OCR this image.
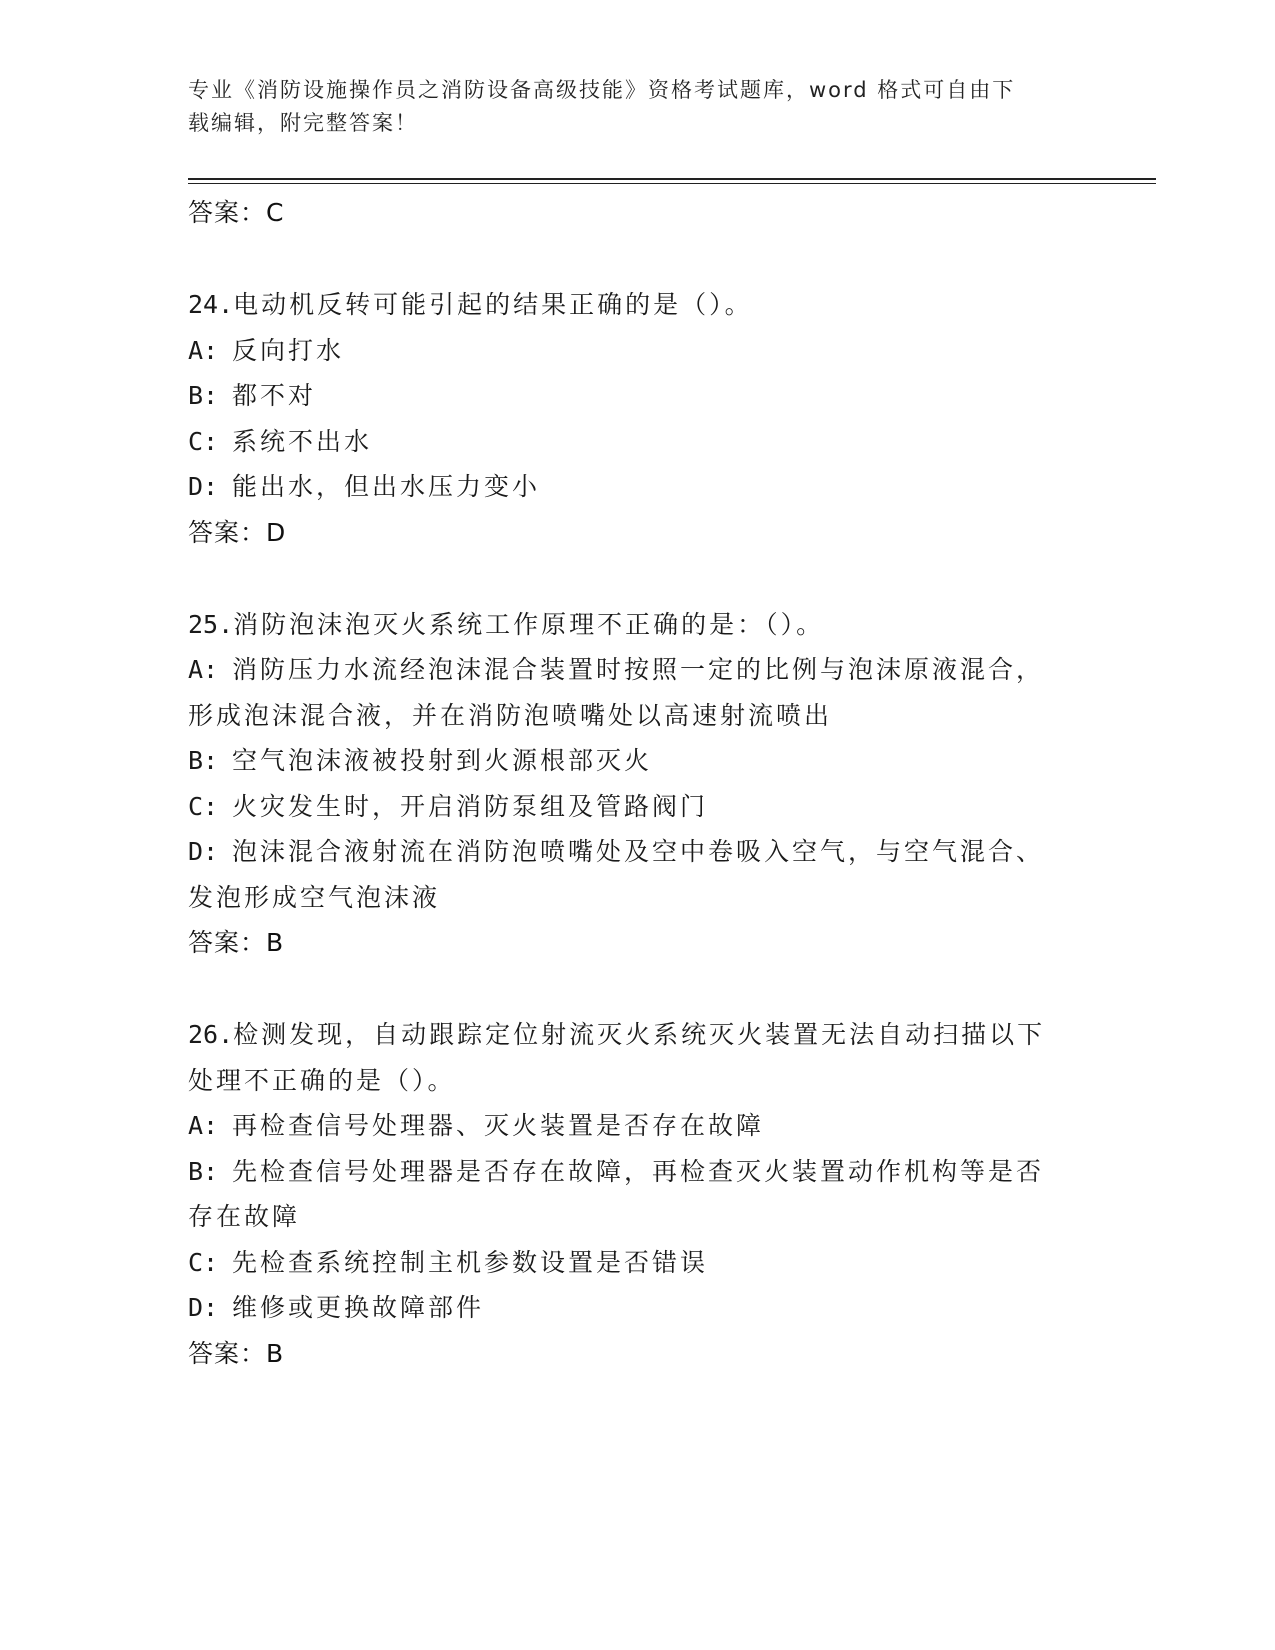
专业《消防设施操作员之消防设备高级技能》资格考试题库，word 格式可自由下
载编辑，附完整答案！
答案：C
24.电动机反转可能引起的结果正确的是（）。
A: 反向打水
B: 都不对
C: 系统不出水
D: 能出水，但出水压力变小
答案：D
25.消防泡沫泡灭火系统工作原理不正确的是：（）。
A: 消防压力水流经泡沫混合装置时按照一定的比例与泡沫原液混合，
形成泡沫混合液，并在消防泡喷嘴处以高速射流喷出
B: 空气泡沫液被投射到火源根部灭火
C: 火灾发生时，开启消防泵组及管路阀门
D: 泡沫混合液射流在消防泡喷嘴处及空中卷吸入空气，与空气混合、
发泡形成空气泡沫液
答案：B
26.检测发现，自动跟踪定位射流灭火系统灭火装置无法自动扫描以下
处理不正确的是（）。
A: 再检查信号处理器、灭火装置是否存在故障
B: 先检查信号处理器是否存在故障，再检查灭火装置动作机构等是否
存在故障
C: 先检查系统控制主机参数设置是否错误
D: 维修或更换故障部件
答案：B
